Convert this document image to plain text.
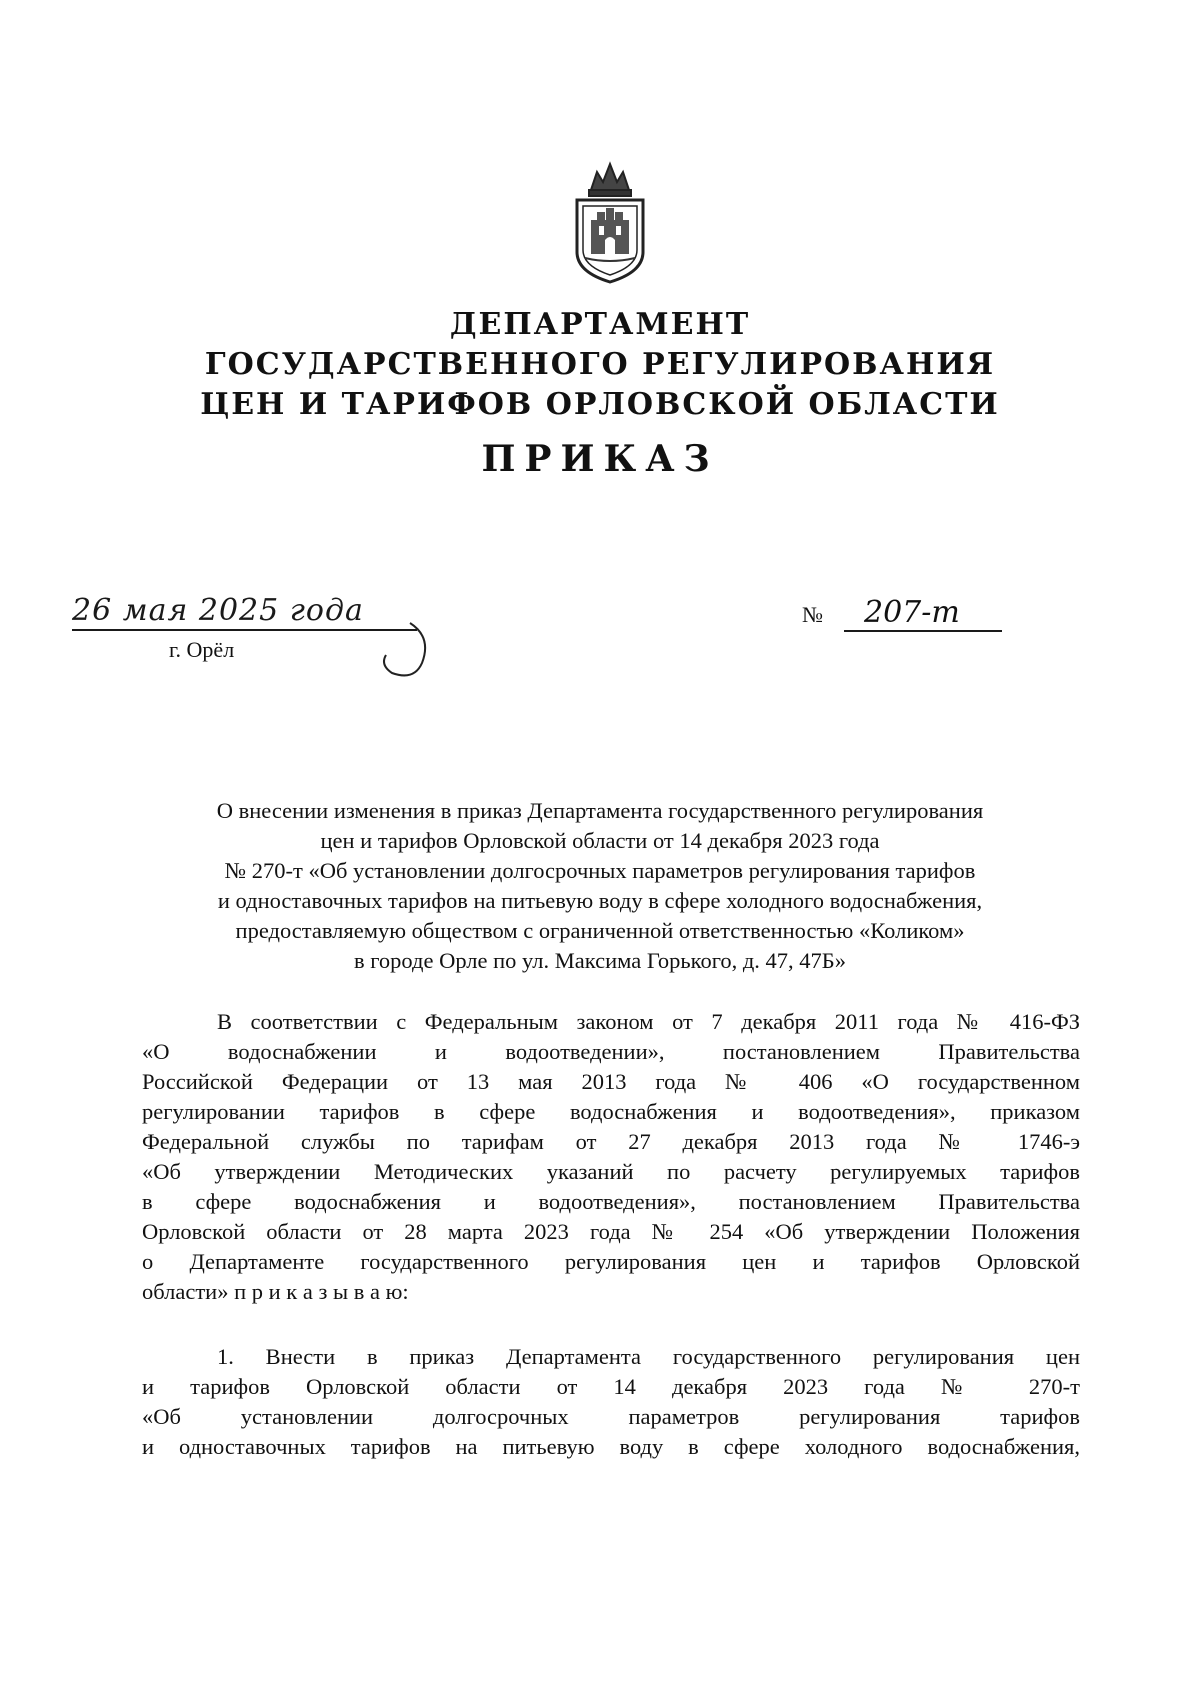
ДЕПАРТАМЕНТ
ГОСУДАРСТВЕННОГО РЕГУЛИРОВАНИЯ
ЦЕН И ТАРИФОВ ОРЛОВСКОЙ ОБЛАСТИ
ПРИКАЗ
26 мая 2025 года
г. Орёл
№	207-т
О внесении изменения в приказ Департамента государственного регулирования
цен и тарифов Орловской области от 14 декабря 2023 года
№ 270-т «Об установлении долгосрочных параметров регулирования тарифов
и одноставочных тарифов на питьевую воду в сфере холодного водоснабжения,
предоставляемую обществом с ограниченной ответственностью «Коликом»
в городе Орле по ул. Максима Горького, д. 47, 47Б»
В соответствии с Федеральным законом от 7 декабря 2011 года № 416-ФЗ
«О водоснабжении и водоотведении», постановлением Правительства
Российской Федерации от 13 мая 2013 года № 406 «О государственном
регулировании тарифов в сфере водоснабжения и водоотведения», приказом
Федеральной службы по тарифам от 27 декабря 2013 года № 1746-э
«Об утверждении Методических указаний по расчету регулируемых тарифов
в сфере водоснабжения и водоотведения», постановлением Правительства
Орловской области от 28 марта 2023 года № 254 «Об утверждении Положения
о Департаменте государственного регулирования цен и тарифов Орловской
области» п р и к а з ы в а ю:
1. Внести в приказ Департамента государственного регулирования цен
и тарифов Орловской области от 14 декабря 2023 года № 270-т
«Об установлении долгосрочных параметров регулирования тарифов
и одноставочных тарифов на питьевую воду в сфере холодного водоснабжения,
